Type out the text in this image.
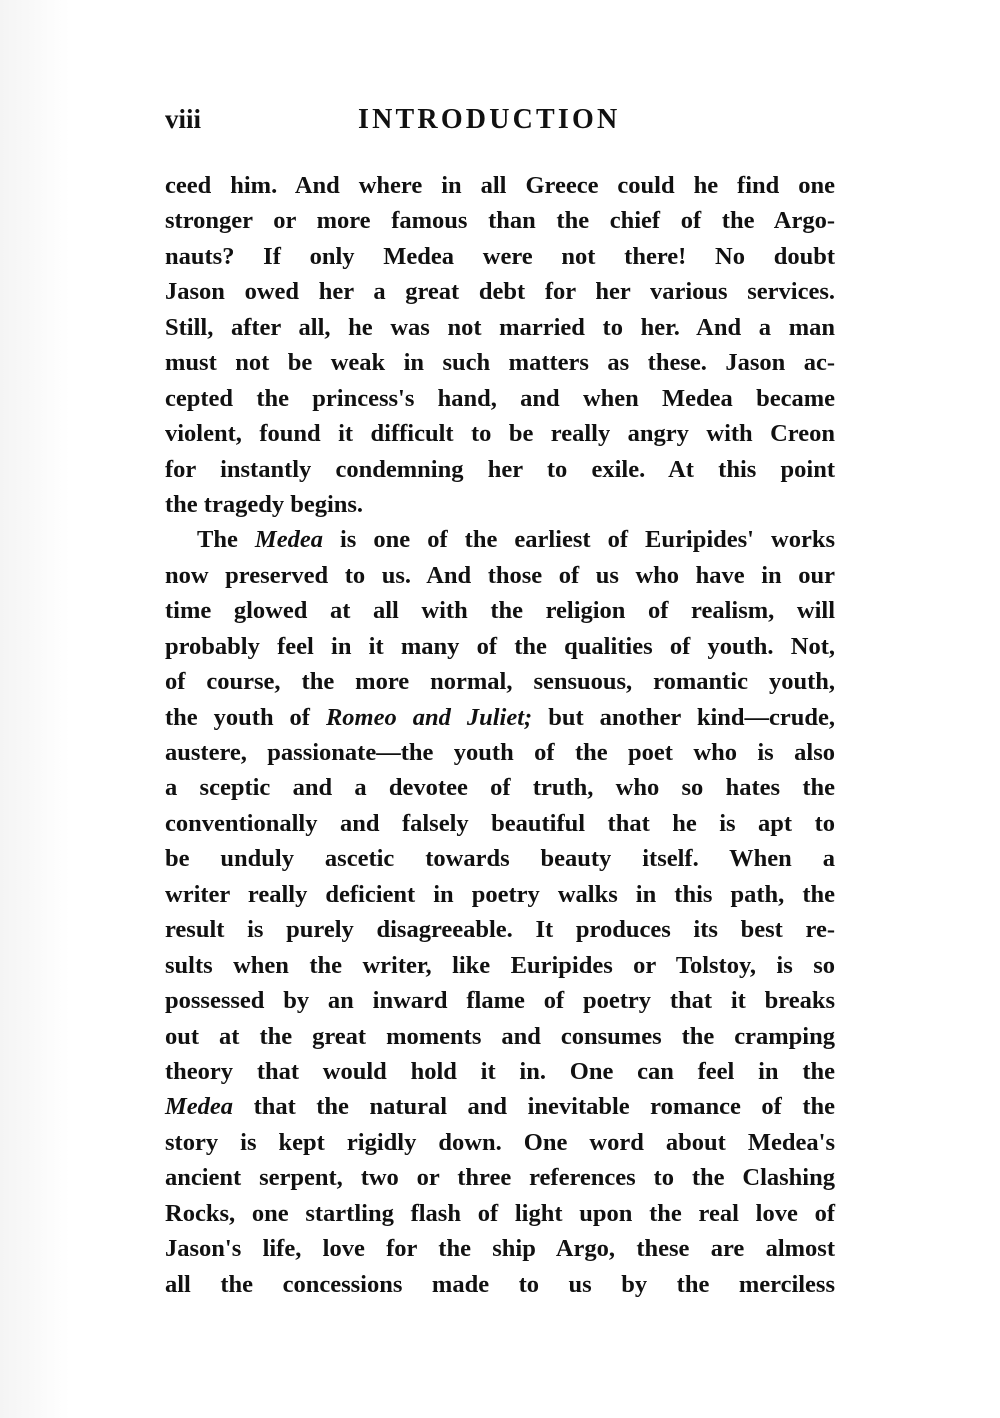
viii	INTRODUCTION
ceed him. And where in all Greece could he find one
stronger or more famous than the chief of the Argo-
nauts? If only Medea were not there! No doubt
Jason owed her a great debt for her various services.
Still, after all, he was not married to her. And a man
must not be weak in such matters as these. Jason ac-
cepted the princess's hand, and when Medea became
violent, found it difficult to be really angry with Creon
for instantly condemning her to exile. At this point
the tragedy begins.
The Medea is one of the earliest of Euripides' works
now preserved to us. And those of us who have in our
time glowed at all with the religion of realism, will
probably feel in it many of the qualities of youth. Not,
of course, the more normal, sensuous, romantic youth,
the youth of Romeo and Juliet; but another kind—crude,
austere, passionate—the youth of the poet who is also
a sceptic and a devotee of truth, who so hates the
conventionally and falsely beautiful that he is apt to
be unduly ascetic towards beauty itself. When a
writer really deficient in poetry walks in this path, the
result is purely disagreeable. It produces its best re-
sults when the writer, like Euripides or Tolstoy, is so
possessed by an inward flame of poetry that it breaks
out at the great moments and consumes the cramping
theory that would hold it in. One can feel in the
Medea that the natural and inevitable romance of the
story is kept rigidly down. One word about Medea's
ancient serpent, two or three references to the Clashing
Rocks, one startling flash of light upon the real love of
Jason's life, love for the ship Argo, these are almost
all the concessions made to us by the merciless
